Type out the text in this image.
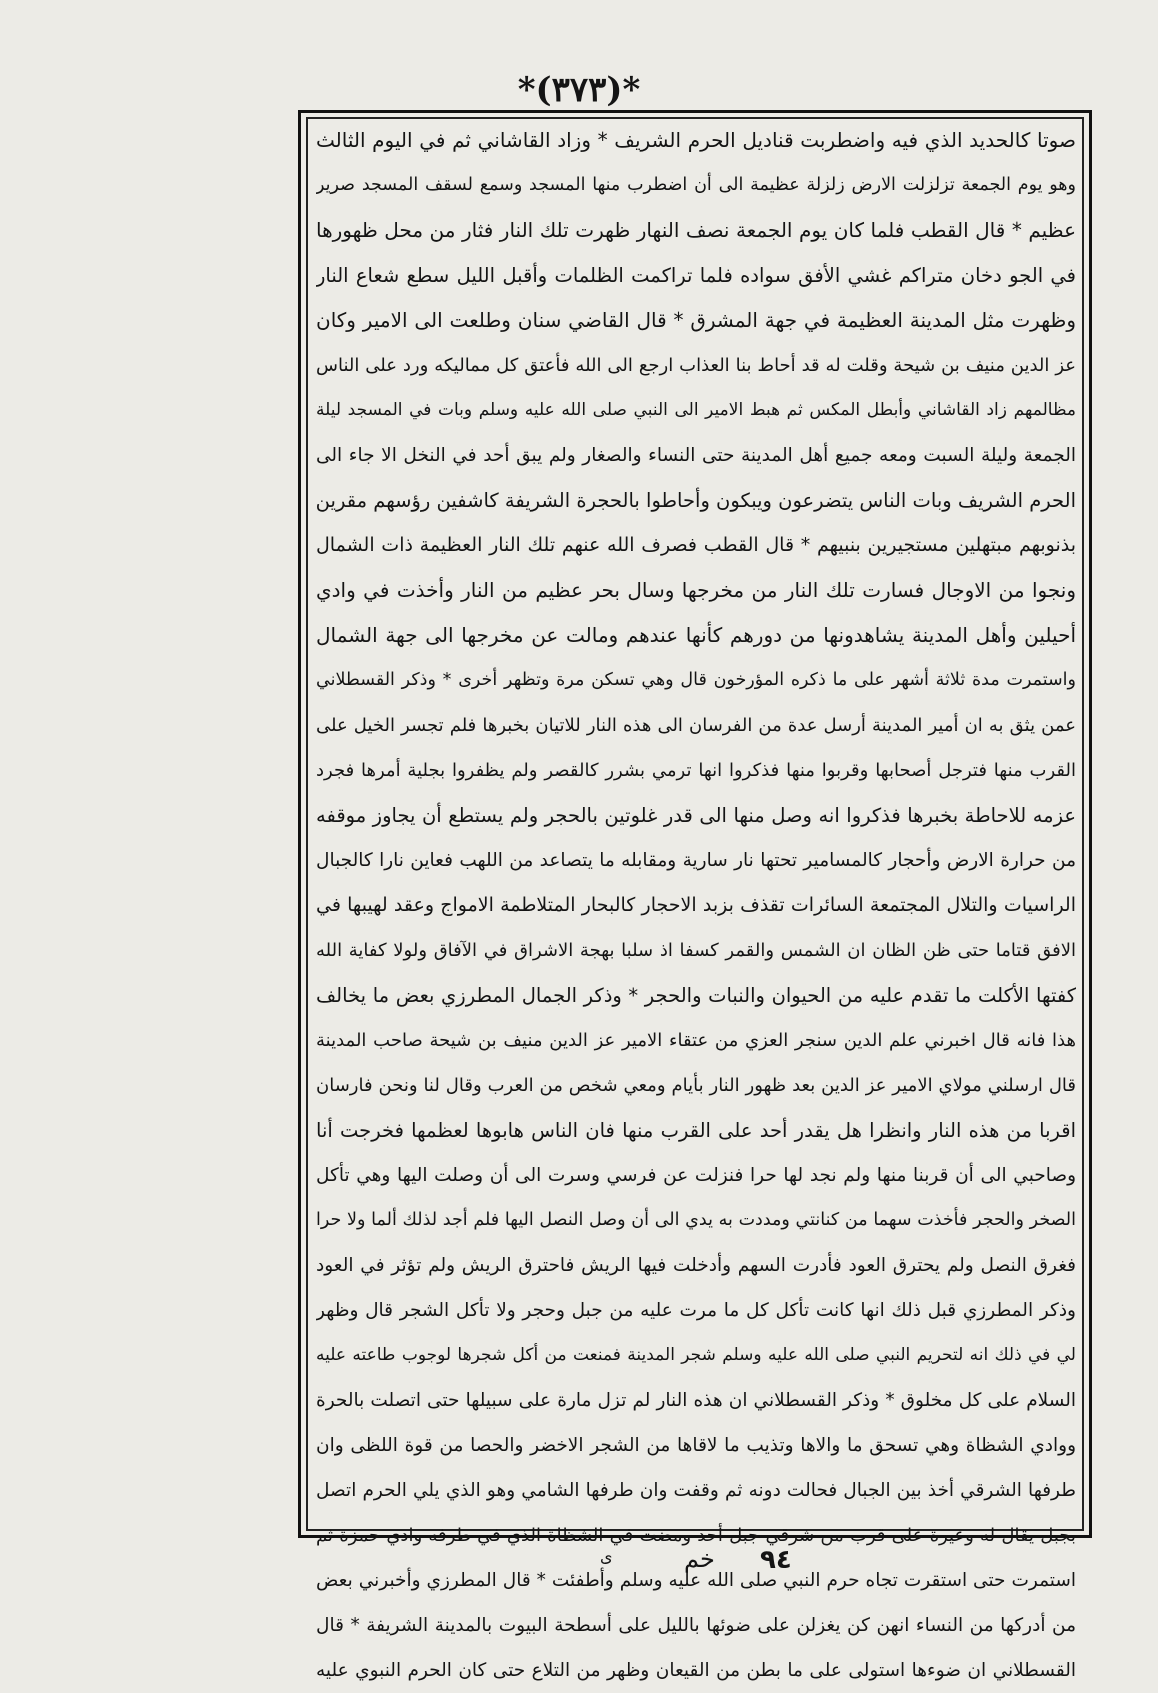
*(٣٧٣)*
صوتا كالحديد الذي فيه واضطربت قناديل الحرم الشريف * وزاد القاشاني ثم في اليوم الثالث
وهو يوم الجمعة تزلزلت الارض زلزلة عظيمة الى أن اضطرب منها المسجد وسمع لسقف المسجد صرير
عظيم * قال القطب فلما كان يوم الجمعة نصف النهار ظهرت تلك النار فثار من محل ظهورها
في الجو دخان متراكم غشي الأفق سواده فلما تراكمت الظلمات وأقبل الليل سطع شعاع النار
وظهرت مثل المدينة العظيمة في جهة المشرق * قال القاضي سنان وطلعت الى الامير وكان
عز الدين منيف بن شيحة وقلت له قد أحاط بنا العذاب ارجع الى الله فأعتق كل مماليكه ورد على الناس
مظالمهم زاد القاشاني وأبطل المكس ثم هبط الامير الى النبي صلى الله عليه وسلم وبات في المسجد ليلة
الجمعة وليلة السبت ومعه جميع أهل المدينة حتى النساء والصغار ولم يبق أحد في النخل الا جاء الى
الحرم الشريف وبات الناس يتضرعون ويبكون وأحاطوا بالحجرة الشريفة كاشفين رؤسهم مقرين
بذنوبهم مبتهلين مستجيرين بنبيهم * قال القطب فصرف الله عنهم تلك النار العظيمة ذات الشمال
ونجوا من الاوجال فسارت تلك النار من مخرجها وسال بحر عظيم من النار وأخذت في وادي
أحيلين وأهل المدينة يشاهدونها من دورهم كأنها عندهم ومالت عن مخرجها الى جهة الشمال
واستمرت مدة ثلاثة أشهر على ما ذكره المؤرخون قال وهي تسكن مرة وتظهر أخرى * وذكر القسطلاني
عمن يثق به ان أمير المدينة أرسل عدة من الفرسان الى هذه النار للاتيان بخبرها فلم تجسر الخيل على
القرب منها فترجل أصحابها وقربوا منها فذكروا انها ترمي بشرر كالقصر ولم يظفروا بجلية أمرها فجرد
عزمه للاحاطة بخبرها فذكروا انه وصل منها الى قدر غلوتين بالحجر ولم يستطع أن يجاوز موقفه
من حرارة الارض وأحجار كالمسامير تحتها نار سارية ومقابله ما يتصاعد من اللهب فعاين نارا كالجبال
الراسيات والتلال المجتمعة السائرات تقذف بزبد الاحجار كالبحار المتلاطمة الامواج وعقد لهيبها في
الافق قتاما حتى ظن الظان ان الشمس والقمر كسفا اذ سلبا بهجة الاشراق في الآفاق ولولا كفاية الله
كفتها الأكلت ما تقدم عليه من الحيوان والنبات والحجر * وذكر الجمال المطرزي بعض ما يخالف
هذا فانه قال اخبرني علم الدين سنجر العزي من عتقاء الامير عز الدين منيف بن شيحة صاحب المدينة
قال ارسلني مولاي الامير عز الدين بعد ظهور النار بأيام ومعي شخص من العرب وقال لنا ونحن فارسان
اقربا من هذه النار وانظرا هل يقدر أحد على القرب منها فان الناس هابوها لعظمها فخرجت أنا
وصاحبي الى أن قربنا منها ولم نجد لها حرا فنزلت عن فرسي وسرت الى أن وصلت اليها وهي تأكل
الصخر والحجر فأخذت سهما من كنانتي ومددت به يدي الى أن وصل النصل اليها فلم أجد لذلك ألما ولا حرا
فغرق النصل ولم يحترق العود فأدرت السهم وأدخلت فيها الريش فاحترق الريش ولم تؤثر في العود
وذكر المطرزي قبل ذلك انها كانت تأكل كل ما مرت عليه من جبل وحجر ولا تأكل الشجر قال وظهر
لي في ذلك انه لتحريم النبي صلى الله عليه وسلم شجر المدينة فمنعت من أكل شجرها لوجوب طاعته عليه
السلام على كل مخلوق * وذكر القسطلاني ان هذه النار لم تزل مارة على سبيلها حتى اتصلت بالحرة
ووادي الشظاة وهي تسحق ما والاها وتذيب ما لاقاها من الشجر الاخضر والحصا من قوة اللظى وان
طرفها الشرقي أخذ بين الجبال فحالت دونه ثم وقفت وان طرفها الشامي وهو الذي يلي الحرم اتصل
بجبل يقال له وعيرة على قرب من شرقي جبل أحد ومضت في الشظاة الذي في طرفه وادي حمزة ثم
استمرت حتى استقرت تجاه حرم النبي صلى الله عليه وسلم وأطفئت * قال المطرزي وأخبرني بعض
من أدركها من النساء انهن كن يغزلن على ضوئها بالليل على أسطحة البيوت بالمدينة الشريفة * قال
القسطلاني ان ضوءها استولى على ما بطن من القيعان وظهر من التلاع حتى كان الحرم النبوي عليه
ى	خم ٩٤
